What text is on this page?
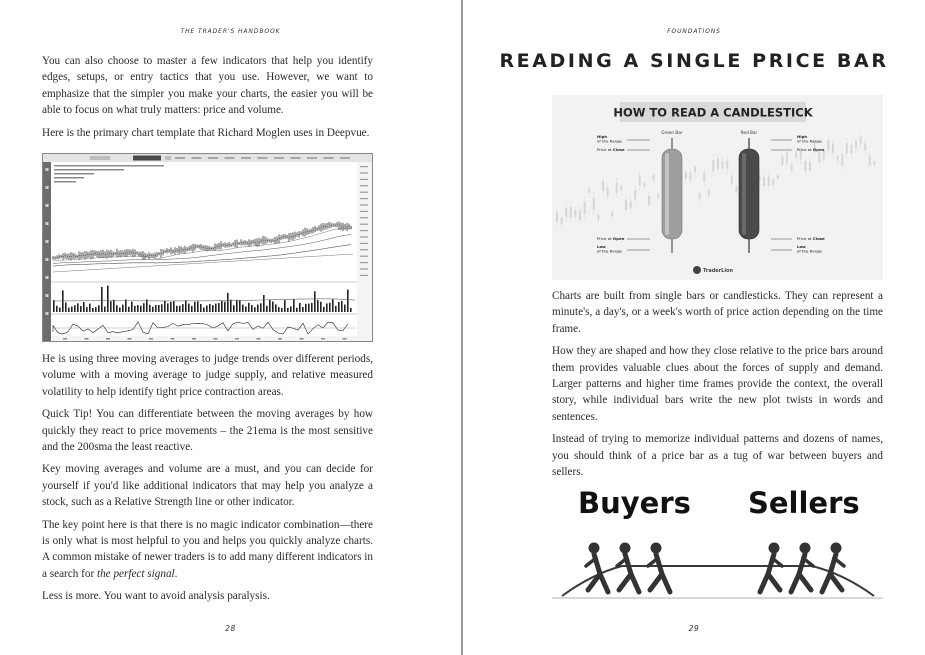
THE TRADER'S HANDBOOK

You can also choose to master a few indicators that help you identify edges, setups, or entry tactics that you use. However, we want to emphasize that the simpler you make your charts, the easier you will be able to focus on what truly matters: price and volume.

Here is the primary chart template that Richard Moglen uses in Deepvue.

He is using three moving averages to judge trends over different periods, volume with a moving average to judge supply, and relative measured volatility to help identify tight price contraction areas.

Quick Tip! You can differentiate between the moving averages by how quickly they react to price movements – the 21ema is the most sensitive and the 200sma the least reactive.

Key moving averages and volume are a must, and you can decide for yourself if you'd like additional indicators that may help you analyze a stock, such as a Relative Strength line or other indicator.

The key point here is that there is no magic indicator combination—there is only what is most helpful to you and helps you quickly analyze charts. A common mistake of newer traders is to add many different indicators in a search for the perfect signal.

Less is more. You want to avoid analysis paralysis.

28
FOUNDATIONS
READING A SINGLE PRICE BAR
HOW TO READ A CANDLESTICK
Green Bar	Red Bar
High
of the Range
Price at Close
Price at Open
Low
of the Range
High
of the Range
Price at Open
Price at Close
Low
of the Range
TraderLion

Charts are built from single bars or candlesticks. They can represent a minute's, a day's, or a week's worth of price action depending on the time frame.

How they are shaped and how they close relative to the price bars around them provides valuable clues about the forces of supply and demand. Larger patterns and higher time frames provide the context, the overall story, while individual bars write the new plot twists in words and sentences.

Instead of trying to memorize individual patterns and dozens of names, you should think of a price bar as a tug of war between buyers and sellers.

Buyers Sellers
29
